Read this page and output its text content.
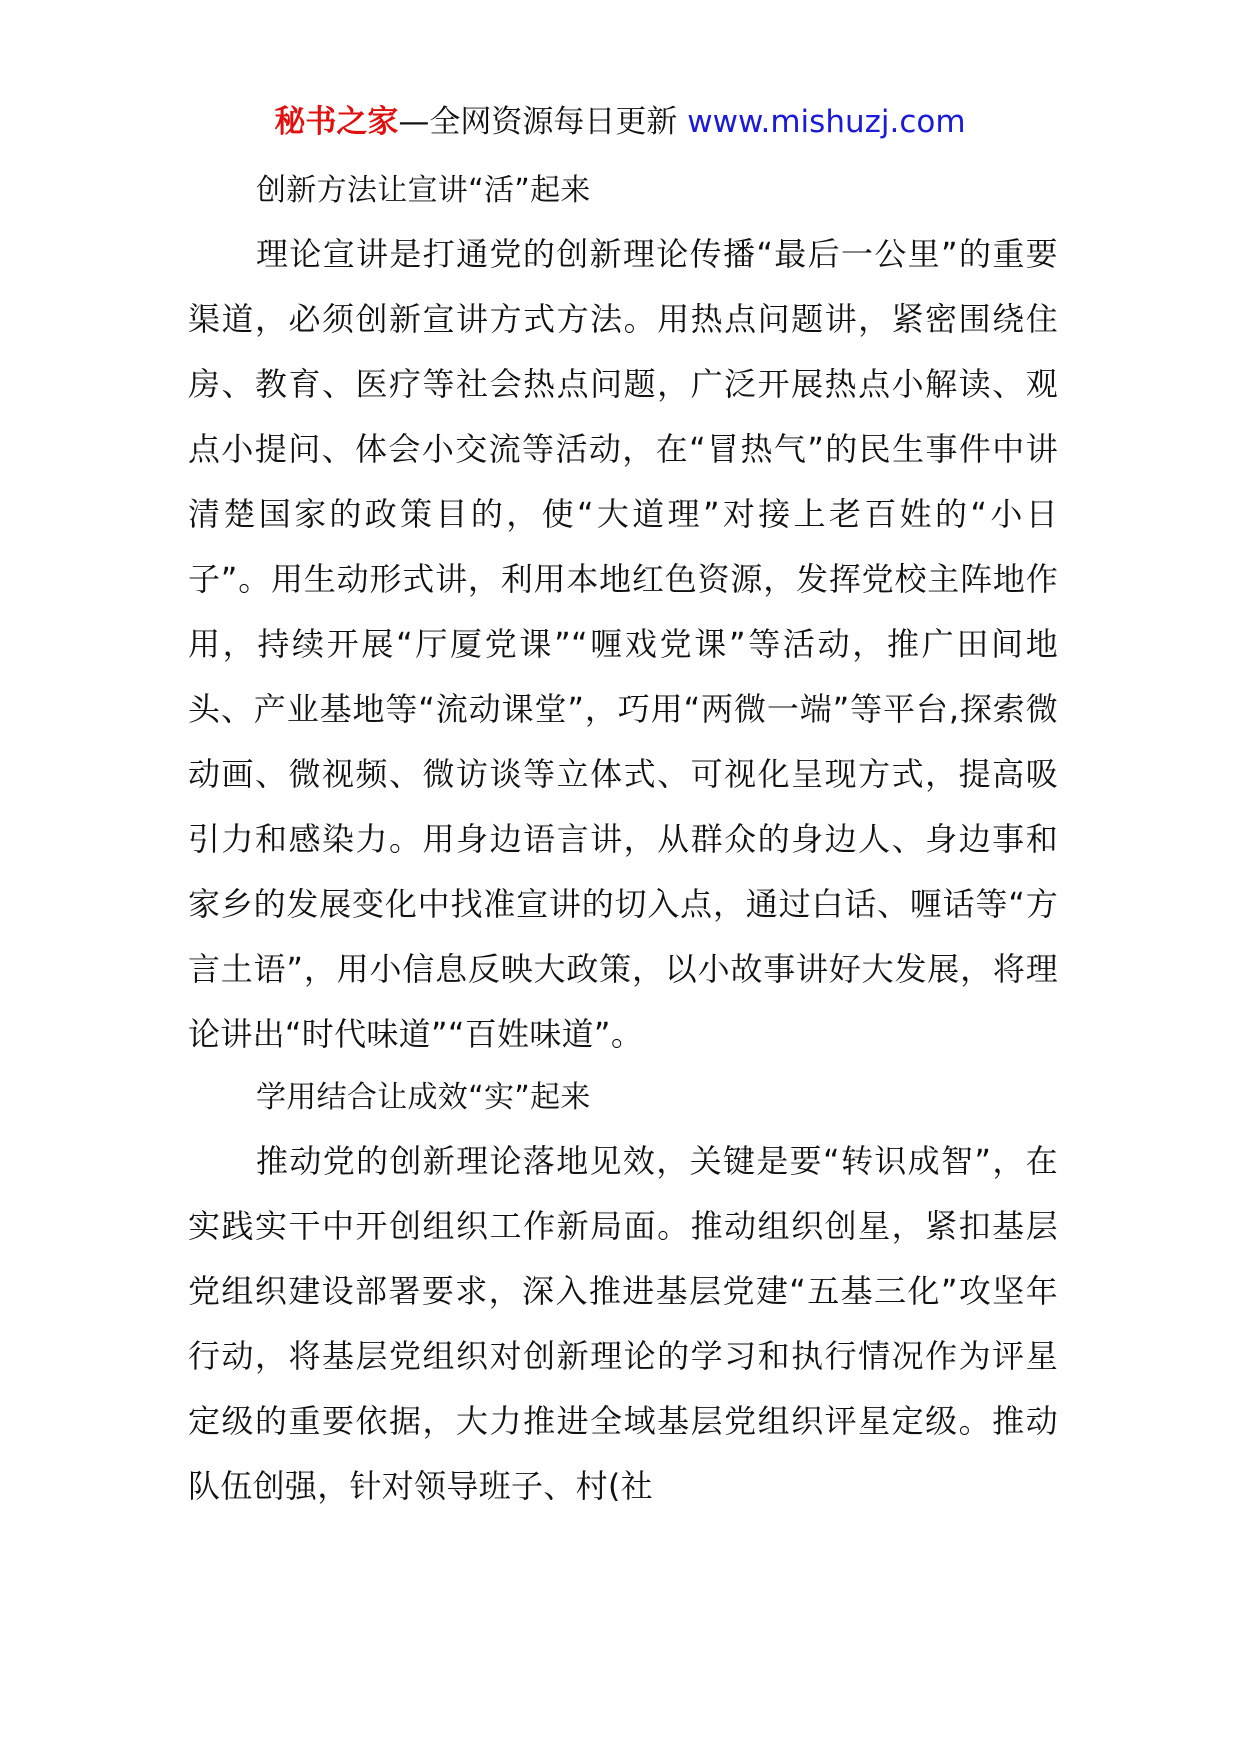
秘书之家—全网资源每日更新 www.mishuzj.com

创新方法让宣讲“活”起来

理论宣讲是打通党的创新理论传播“最后一公里”的重要渠道，必须创新宣讲方式方法。用热点问题讲，紧密围绕住房、教育、医疗等社会热点问题，广泛开展热点小解读、观点小提问、体会小交流等活动，在“冒热气”的民生事件中讲清楚国家的政策目的，使“大道理”对接上老百姓的“小日子”。用生动形式讲，利用本地红色资源，发挥党校主阵地作用，持续开展“厅厦党课”“喱戏党课”等活动，推广田间地头、产业基地等“流动课堂”，巧用“两微一端”等平台,探索微动画、微视频、微访谈等立体式、可视化呈现方式，提高吸引力和感染力。用身边语言讲，从群众的身边人、身边事和家乡的发展变化中找准宣讲的切入点，通过白话、喱话等“方言土语”，用小信息反映大政策，以小故事讲好大发展，将理论讲出“时代味道”“百姓味道”。

学用结合让成效“实”起来

推动党的创新理论落地见效，关键是要“转识成智”，在实践实干中开创组织工作新局面。推动组织创星，紧扣基层党组织建设部署要求，深入推进基层党建“五基三化”攻坚年行动，将基层党组织对创新理论的学习和执行情况作为评星定级的重要依据，大力推进全域基层党组织评星定级。推动队伍创强，针对领导班子、村(社
